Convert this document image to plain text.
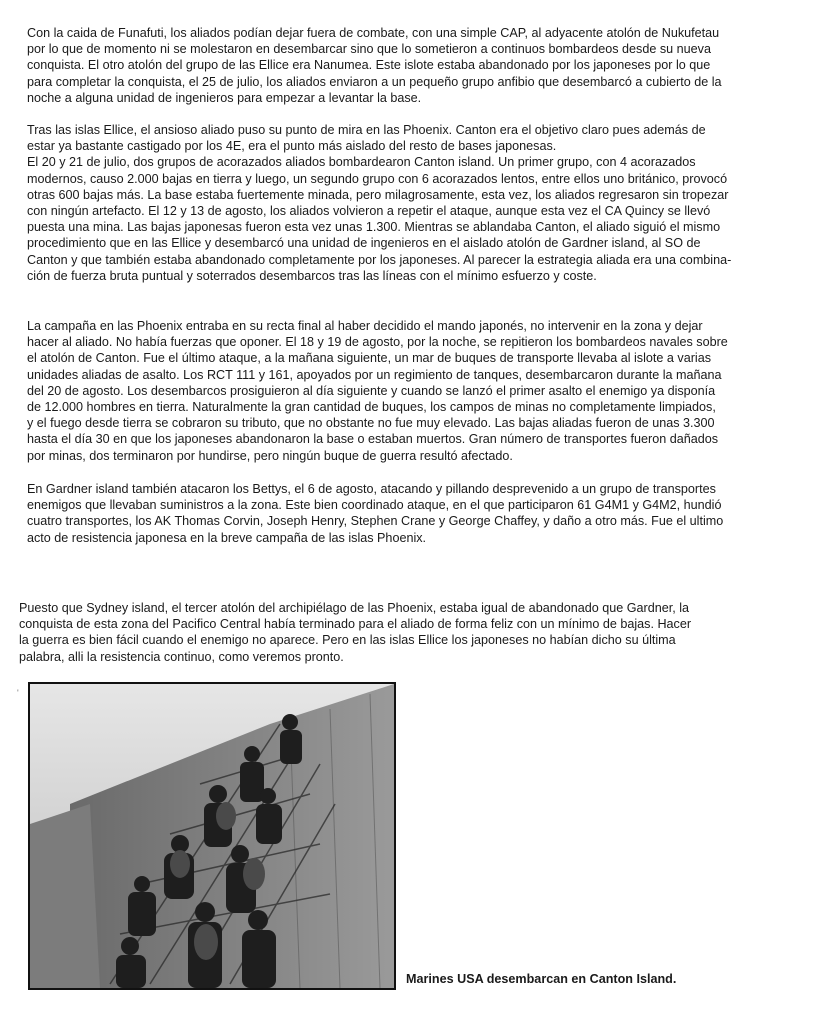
Con la caida de Funafuti, los aliados podían dejar fuera de combate, con una simple CAP, al adyacente atolón de Nukufetau
por lo que de momento ni se molestaron en desembarcar sino que lo sometieron a continuos bombardeos desde su nueva
conquista. El otro atolón del grupo de las Ellice era Nanumea. Este islote estaba abandonado por los japoneses por lo que
para completar la conquista, el 25 de julio, los aliados enviaron a un pequeño grupo anfibio que desembarcó a cubierto de la
noche a alguna unidad de ingenieros para empezar a levantar la base.

Tras las islas Ellice, el ansioso aliado puso su punto de mira en las Phoenix. Canton era el objetivo claro pues además de
estar ya bastante castigado por los 4E, era el punto más aislado del resto de bases japonesas.
El 20 y 21 de julio, dos grupos de acorazados aliados bombardearon Canton island. Un primer grupo, con 4 acorazados
modernos, causo 2.000 bajas en tierra y luego, un segundo grupo con 6 acorazados lentos, entre ellos uno británico, provocó
otras 600 bajas más. La base estaba fuertemente minada, pero milagrosamente, esta vez, los aliados regresaron sin tropezar
con ningún artefacto. El 12 y 13 de agosto, los aliados volvieron a repetir el ataque, aunque esta vez el CA Quincy se llevó
puesta una mina. Las bajas japonesas fueron esta vez unas 1.300. Mientras se ablandaba Canton, el aliado siguió el mismo
procedimiento que en las Ellice y desembarcó una unidad de ingenieros en el aislado atolón de Gardner island, al SO de
Canton y que también estaba abandonado completamente por los japoneses. Al parecer la estrategia aliada era una combina-
ción de fuerza bruta puntual y soterrados desembarcos tras las líneas con el mínimo esfuerzo y coste.

La campaña en las Phoenix entraba en su recta final al haber decidido el mando japonés, no intervenir en la zona y dejar
hacer al aliado. No había fuerzas que oponer. El 18 y 19 de agosto, por la noche, se repitieron los bombardeos navales sobre
el atolón de Canton. Fue el último ataque, a la mañana siguiente, un mar de buques de transporte llevaba al islote a varias
unidades aliadas de asalto. Los RCT 111 y 161, apoyados por un regimiento de tanques, desembarcaron durante la mañana
del 20 de agosto. Los desembarcos prosiguieron al día siguiente y cuando se lanzó el primer asalto el enemigo ya disponía
de 12.000 hombres en tierra. Naturalmente la gran cantidad de buques, los campos de minas no completamente limpiados,
y el fuego desde tierra se cobraron su tributo, que no obstante no fue muy elevado. Las bajas aliadas fueron de unas 3.300
hasta el día 30 en que los japoneses abandonaron la base o estaban muertos. Gran número de transportes fueron dañados
por minas, dos terminaron por hundirse, pero ningún buque de guerra resultó afectado.

En Gardner island también atacaron los Bettys, el 6 de agosto, atacando y pillando desprevenido a un grupo de transportes
enemigos que llevaban suministros a la zona. Este bien coordinado ataque, en el que participaron 61 G4M1 y G4M2, hundió
cuatro transportes, los AK Thomas Corvin, Joseph Henry, Stephen Crane y George Chaffey, y daño a otro más. Fue el ultimo
acto de resistencia japonesa en la breve campaña de las islas Phoenix.

Puesto que Sydney island, el tercer atolón del archipiélago de las Phoenix, estaba igual de abandonado que Gardner, la
conquista de esta zona del Pacifico Central había terminado para el aliado de forma feliz con un mínimo de bajas. Hacer
la guerra es bien fácil cuando el enemigo no aparece. Pero en las islas Ellice los japoneses no habían dicho su última
palabra, alli la resistencia continuo, como veremos pronto.

'

Marines USA desembarcan en Canton Island.
